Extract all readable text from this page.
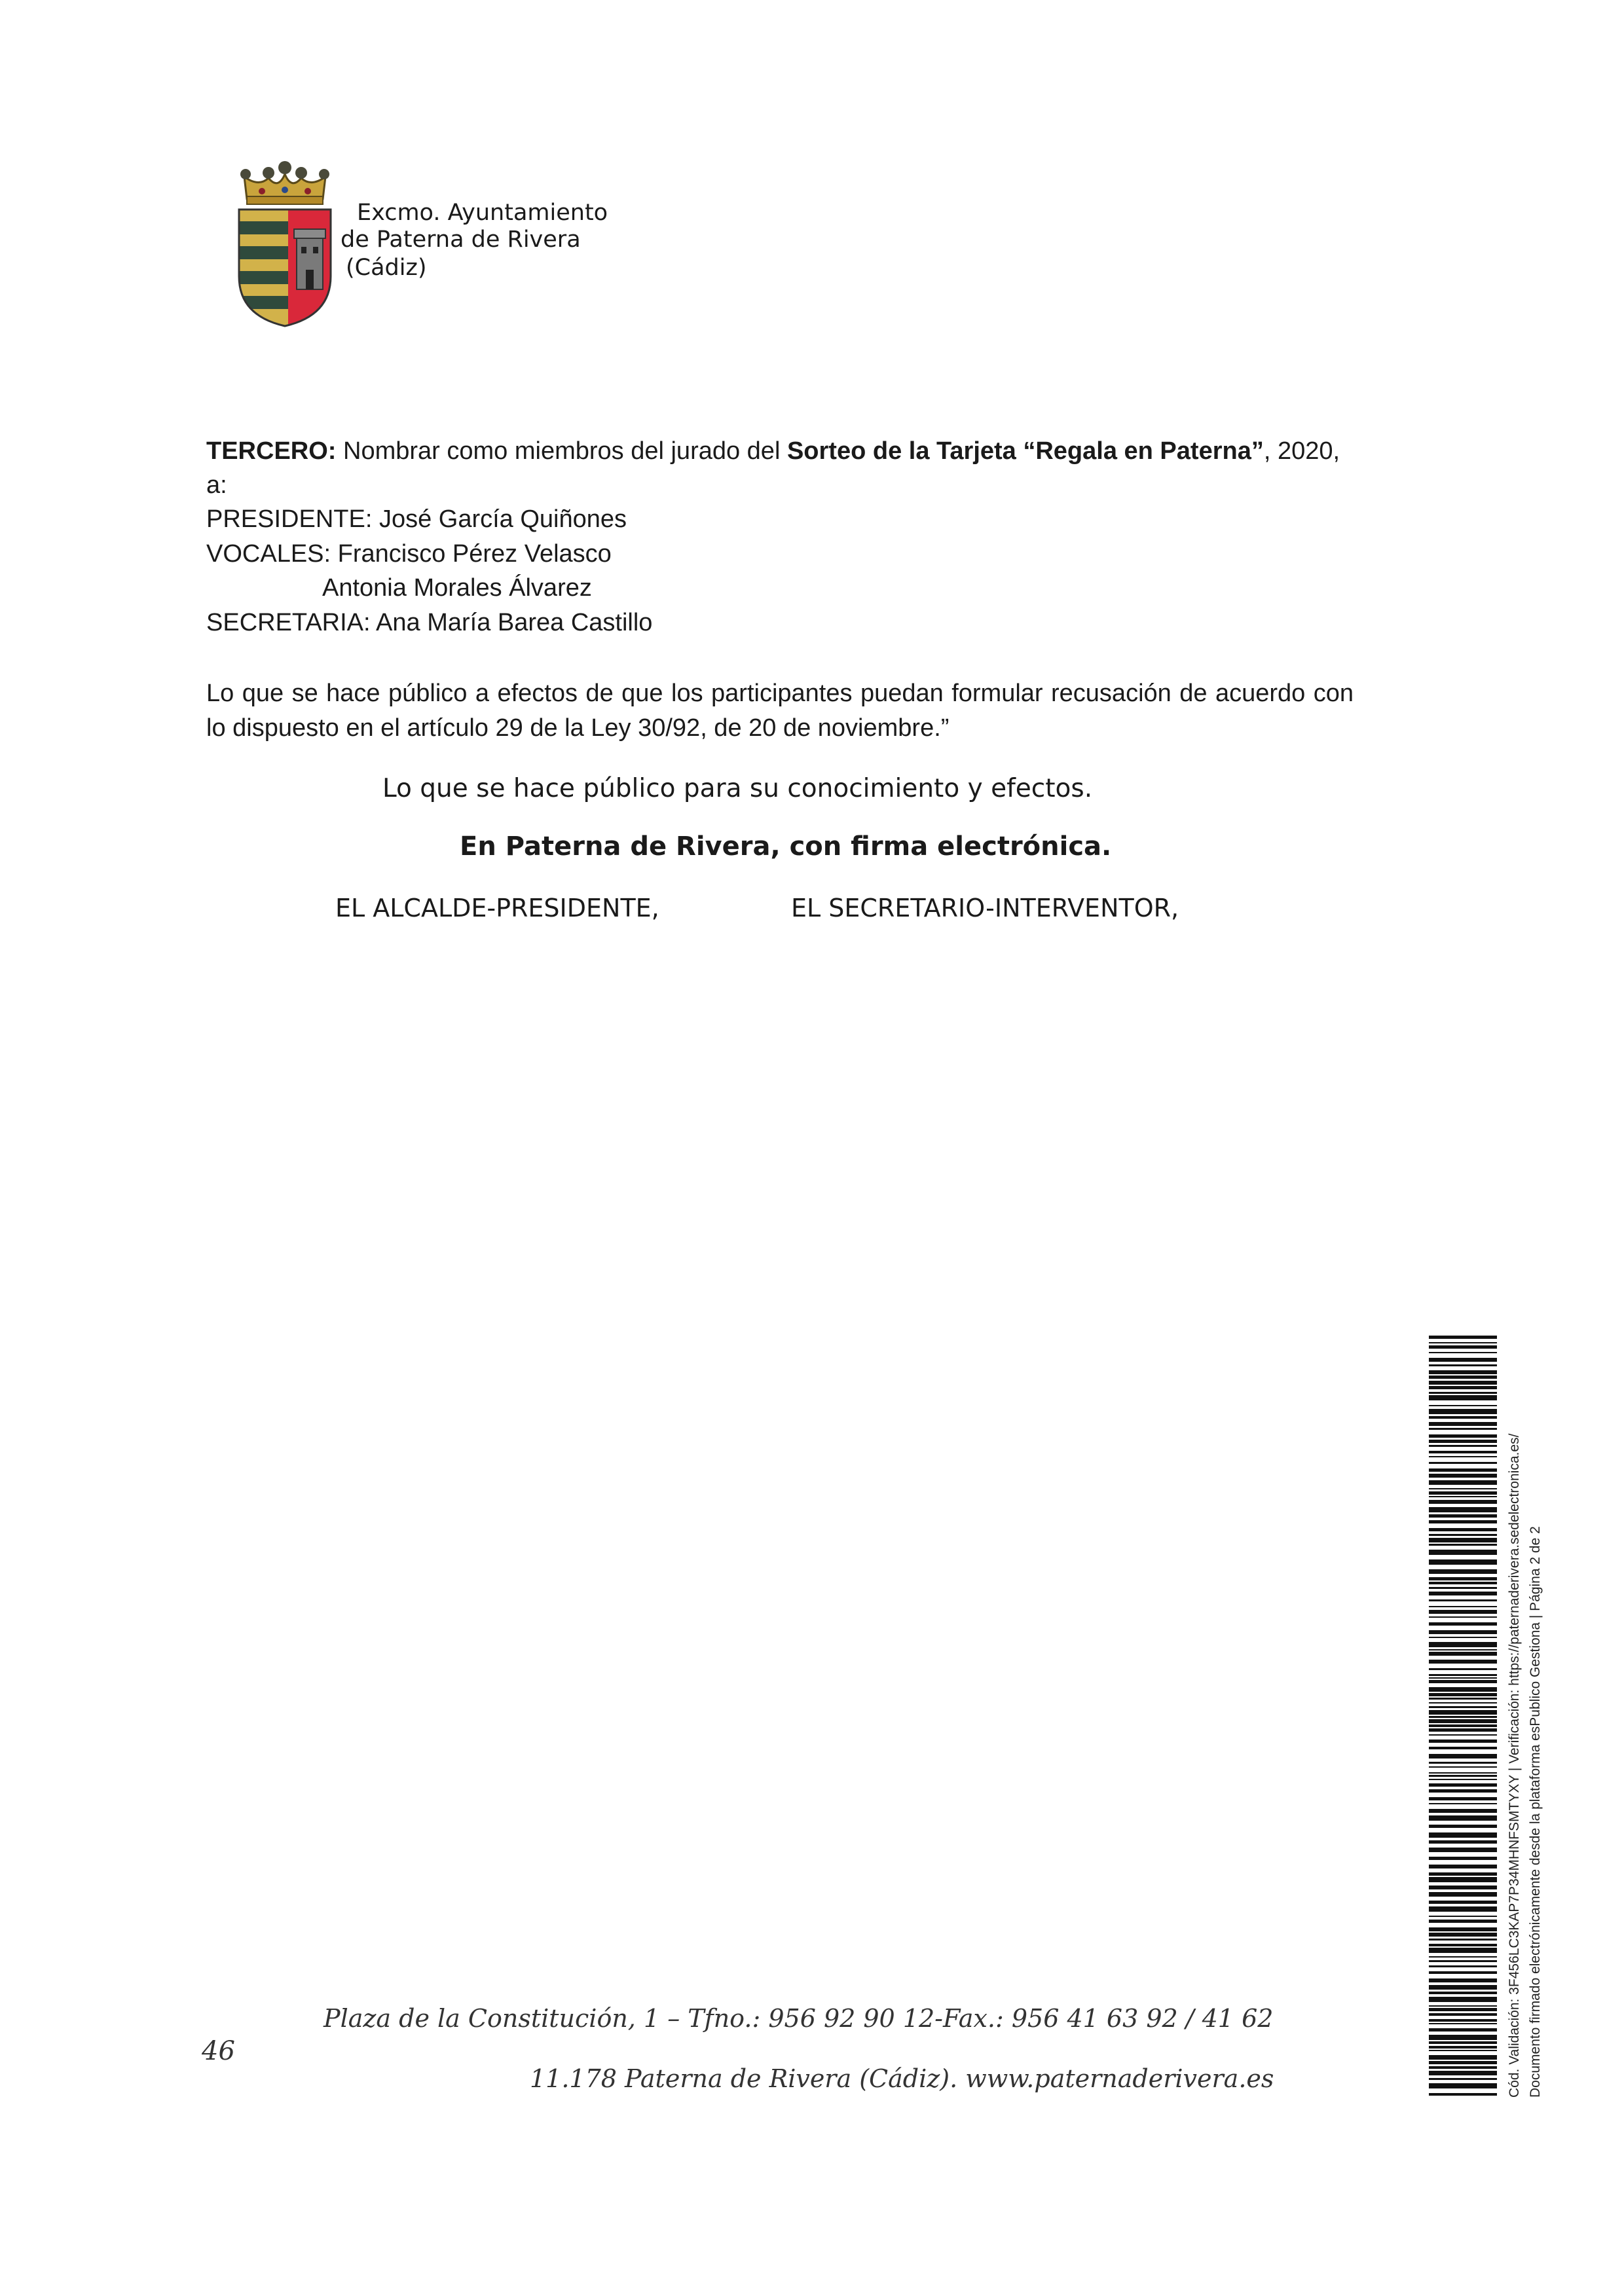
Excmo. Ayuntamiento
de Paterna de Rivera
(Cádiz)
TERCERO: Nombrar como miembros del jurado del Sorteo de la Tarjeta “Regala en Paterna”, 2020,
a:
PRESIDENTE: José García Quiñones
VOCALES: Francisco Pérez Velasco
Antonia Morales Álvarez
SECRETARIA: Ana María Barea Castillo
Lo que se hace público a efectos de que los participantes puedan formular recusación de acuerdo con lo dispuesto en el artículo 29 de la Ley 30/92, de 20 de noviembre.”
Lo que se hace público para su conocimiento y efectos.
En Paterna de Rivera, con firma electrónica.
EL ALCALDE-PRESIDENTE,	EL SECRETARIO-INTERVENTOR,
Plaza de la Constitución, 1 – Tfno.: 956 92 90 12-Fax.: 956 41 63 92 / 41 62
46
11.178 Paterna de Rivera (Cádiz). www.paternaderivera.es	Cód. Validación: 3F456LC3KAP7P34MHNFSMTYXY | Verificación: https://paternaderivera.sedelectronica.es/ Documento firmado electrónicamente desde la plataforma esPublico Gestiona | Página 2 de 2
